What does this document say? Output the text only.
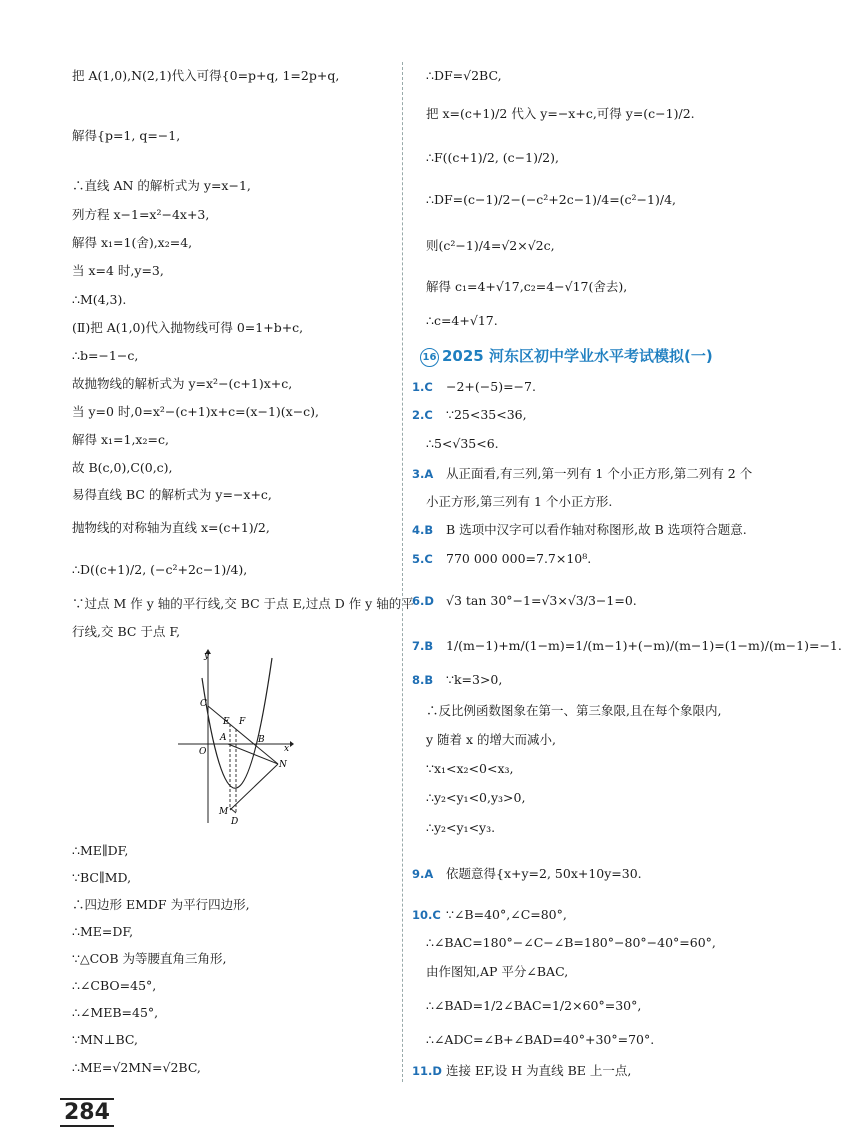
把 A(1,0),N(2,1)代入可得{0=p+q, 1=2p+q,
解得{p=1, q=−1,
∴直线 AN 的解析式为 y=x−1,
列方程 x−1=x²−4x+3,
解得 x₁=1(舍),x₂=4,
当 x=4 时,y=3,
∴M(4,3).
(Ⅱ)把 A(1,0)代入抛物线可得 0=1+b+c,
∴b=−1−c,
故抛物线的解析式为 y=x²−(c+1)x+c,
当 y=0 时,0=x²−(c+1)x+c=(x−1)(x−c),
解得 x₁=1,x₂=c,
故 B(c,0),C(0,c),
易得直线 BC 的解析式为 y=−x+c,
抛物线的对称轴为直线 x=(c+1)/2,
∴D((c+1)/2, (−c²+2c−1)/4),
∵过点 M 作 y 轴的平行线,交 BC 于点 E,过点 D 作 y 轴的平
行线,交 BC 于点 F,
∴ME∥DF,
∵BC∥MD,
∴四边形 EMDF 为平行四边形,
∴ME=DF,
∵△COB 为等腰直角三角形,
∴∠CBO=45°,
∴∠MEB=45°,
∵MN⊥BC,
∴ME=√2MN=√2BC,
y
C
E F
O
A	B
x
N
M
D
∴DF=√2BC,
把 x=(c+1)/2 代入 y=−x+c,可得 y=(c−1)/2.
∴F((c+1)/2, (c−1)/2),
∴DF=(c−1)/2−(−c²+2c−1)/4=(c²−1)/4,
则(c²−1)/4=√2×√2c,
解得 c₁=4+√17,c₂=4−√17(舍去),
∴c=4+√17.
16 2025 河东区初中学业水平考试模拟(一)
1.C −2+(−5)=−7.
2.C ∵25<35<36,
∴5<√35<6.
3.A 从正面看,有三列,第一列有 1 个小正方形,第二列有 2 个
小正方形,第三列有 1 个小正方形.
4.B B 选项中汉字可以看作轴对称图形,故 B 选项符合题意.
5.C 770 000 000=7.7×10⁸.
6.D √3 tan 30°−1=√3×√3/3−1=0.
7.B 1/(m−1)+m/(1−m)=1/(m−1)+(−m)/(m−1)=(1−m)/(m−1)=−1.
8.B ∵k=3>0,
∴反比例函数图象在第一、第三象限,且在每个象限内,
y 随着 x 的增大而减小,
∵x₁<x₂<0<x₃,
∴y₂<y₁<0,y₃>0,
∴y₂<y₁<y₃.
9.A 依题意得{x+y=2, 50x+10y=30.
10.C ∵∠B=40°,∠C=80°,
∴∠BAC=180°−∠C−∠B=180°−80°−40°=60°,
由作图知,AP 平分∠BAC,
∴∠BAD=1/2∠BAC=1/2×60°=30°,
∴∠ADC=∠B+∠BAD=40°+30°=70°.
11.D 连接 EF,设 H 为直线 BE 上一点,
284
